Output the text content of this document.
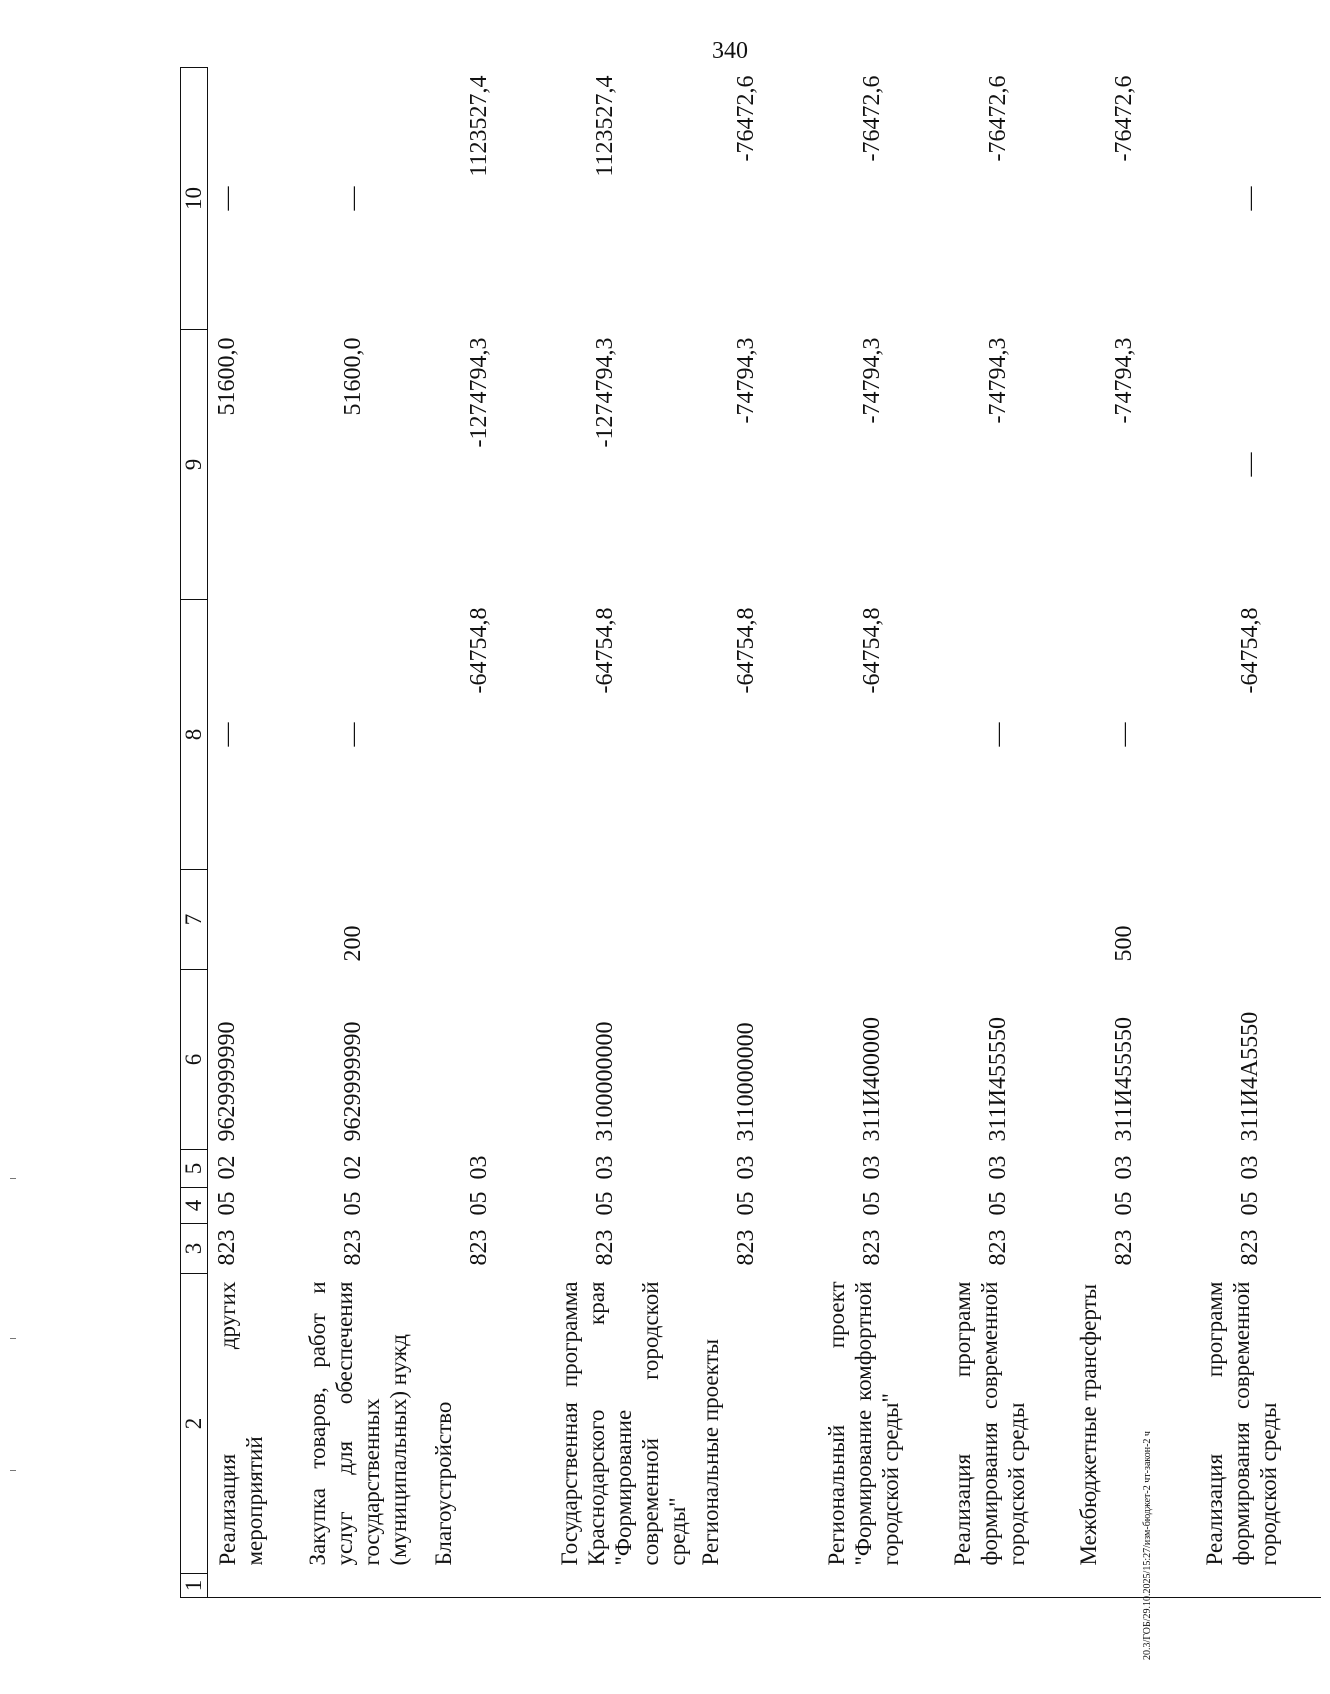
340
1	2	3	4	5	6	7	8	9	10
	Реализация других мероприятий	823	05	02	9629999990		—	51600,0	—
	Закупка товаров, работ и услуг для обеспечения государственных (муниципальных) нужд	823	05	02	9629999990	200	—	51600,0	—
	Благоустройство	823	05	03			-64754,8	-1274794,3	1123527,4
	Государственная программа Краснодарского края "Формирование современной городской среды"	823	05	03	3100000000		-64754,8	-1274794,3	1123527,4
	Региональные проекты	823	05	03	3110000000		-64754,8	-74794,3	-76472,6
	Региональный проект "Формирование комфортной городской среды"	823	05	03	311И400000		-64754,8	-74794,3	-76472,6
	Реализация программ формирования современной городской среды	823	05	03	311И455550		—	-74794,3	-76472,6
	Межбюджетные трансферты	823	05	03	311И455550	500	—	-74794,3	-76472,6
	Реализация программ формирования современной городской среды	823	05	03	311И4А5550		-64754,8	—	—
20.3/ГОБ/29.10.2025/15:27/изм-бюджет-2 чт-закон-2 ч
